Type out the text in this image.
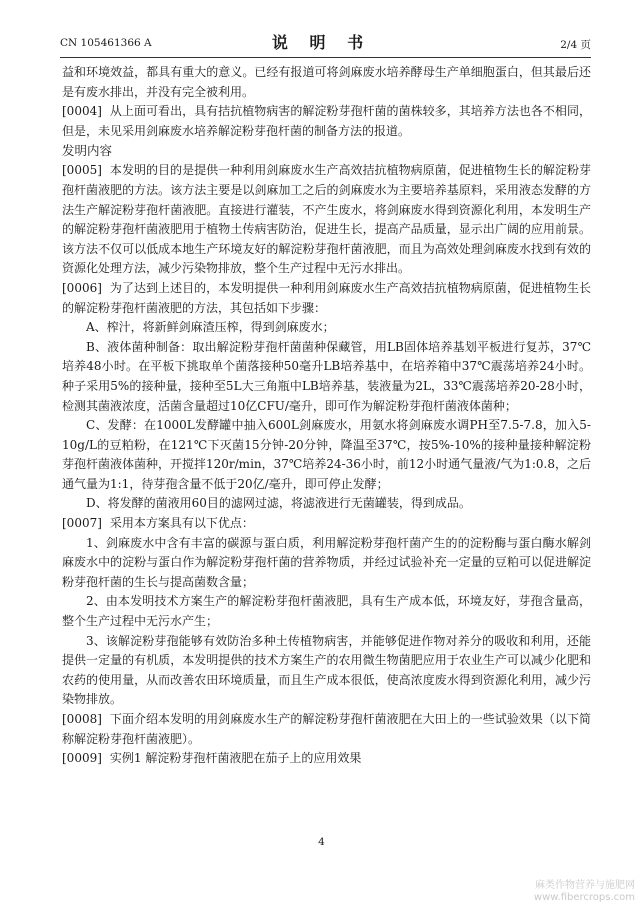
CN 105461366 A	说 明 书	2/4 页

益和环境效益，都具有重大的意义。已经有报道可将剑麻废水培养酵母生产单细胞蛋白，但其最后还是有废水排出，并没有完全被利用。

[0004] 从上面可看出，具有拮抗植物病害的解淀粉芽孢杆菌的菌株较多，其培养方法也各不相同，但是，未见采用剑麻废水培养解淀粉芽孢杆菌的制备方法的报道。

发明内容

[0005] 本发明的目的是提供一种利用剑麻废水生产高效拮抗植物病原菌，促进植物生长的解淀粉芽孢杆菌液肥的方法。该方法主要是以剑麻加工之后的剑麻废水为主要培养基原料，采用液态发酵的方法生产解淀粉芽孢杆菌液肥。直接进行灌装，不产生废水，将剑麻废水得到资源化利用，本发明生产的解淀粉芽孢杆菌液肥用于植物土传病害防治，促进生长，提高产品质量，显示出广阔的应用前景。该方法不仅可以低成本地生产环境友好的解淀粉芽孢杆菌液肥，而且为高效处理剑麻废水找到有效的资源化处理方法，减少污染物排放，整个生产过程中无污水排出。

[0006] 为了达到上述目的，本发明提供一种利用剑麻废水生产高效拮抗植物病原菌，促进植物生长的解淀粉芽孢杆菌液肥的方法，其包括如下步骤：

A、榨汁，将新鲜剑麻渣压榨，得到剑麻废水；

B、液体菌种制备：取出解淀粉芽孢杆菌菌种保藏管，用LB固体培养基划平板进行复苏，37℃培养48小时。在平板下挑取单个菌落接种50毫升LB培养基中，在培养箱中37℃震荡培养24小时。种子采用5%的接种量，接种至5L大三角瓶中LB培养基，装液量为2L，33℃震荡培养20-28小时，检测其菌液浓度，活菌含量超过10亿CFU/毫升，即可作为解淀粉芽孢杆菌液体菌种；

C、发酵：在1000L发酵罐中抽入600L剑麻废水，用氨水将剑麻废水调PH至7.5-7.8，加入5-10g/L的豆粕粉，在121℃下灭菌15分钟-20分钟，降温至37℃，按5%-10%的接种量接种解淀粉芽孢杆菌液体菌种，开搅拌120r/min，37℃培养24-36小时，前12小时通气量液/气为1:0.8，之后通气量为1:1，待芽孢含量不低于20亿/毫升，即可停止发酵；

D、将发酵的菌液用60目的滤网过滤，将滤液进行无菌罐装，得到成品。

[0007] 采用本方案具有以下优点：

1、剑麻废水中含有丰富的碳源与蛋白质，利用解淀粉芽孢杆菌产生的的淀粉酶与蛋白酶水解剑麻废水中的淀粉与蛋白作为解淀粉芽孢杆菌的营养物质，并经过试验补充一定量的豆粕可以促进解淀粉芽孢杆菌的生长与提高菌数含量；

2、由本发明技术方案生产的解淀粉芽孢杆菌液肥，具有生产成本低，环境友好，芽孢含量高，整个生产过程中无污水产生；

3、该解淀粉芽孢能够有效防治多种土传植物病害，并能够促进作物对养分的吸收和利用，还能提供一定量的有机质，本发明提供的技术方案生产的农用微生物菌肥应用于农业生产可以减少化肥和农药的使用量，从而改善农田环境质量，而且生产成本很低，使高浓度废水得到资源化利用，减少污染物排放。

[0008] 下面介绍本发明的用剑麻废水生产的解淀粉芽孢杆菌液肥在大田上的一些试验效果（以下简称解淀粉芽孢杆菌液肥）。

[0009] 实例1 解淀粉芽孢杆菌液肥在茄子上的应用效果

4
麻类作物营养与施肥网
www.fibercrops.com
